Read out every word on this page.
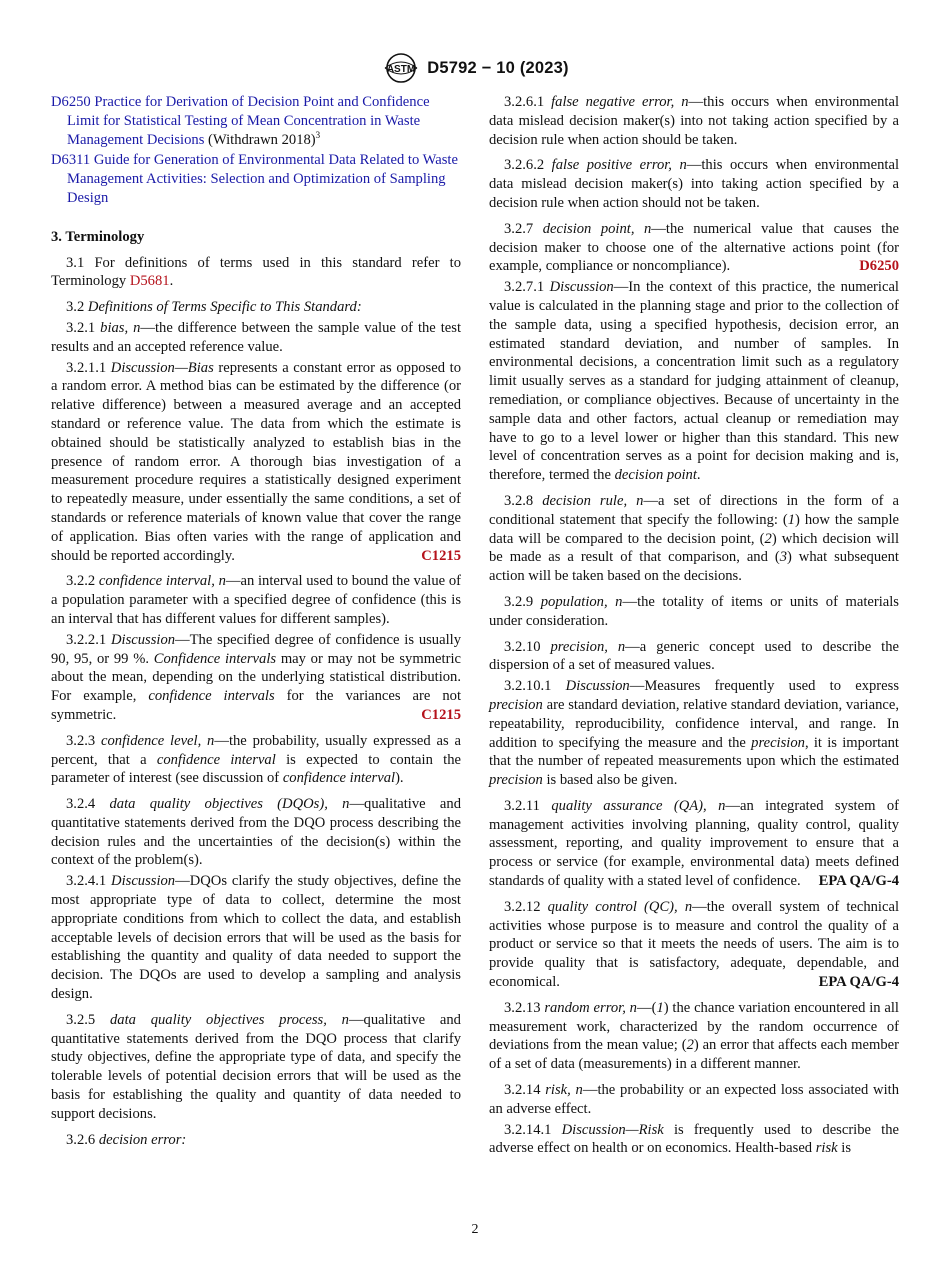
ASTM D5792 − 10 (2023)

D6250 Practice for Derivation of Decision Point and Confidence Limit for Statistical Testing of Mean Concentration in Waste Management Decisions (Withdrawn 2018)$^3$

D6311 Guide for Generation of Environmental Data Related to Waste Management Activities: Selection and Optimization of Sampling Design

3. Terminology

3.1 For definitions of terms used in this standard refer to Terminology D5681.

3.2 Definitions of Terms Specific to This Standard:

3.2.1 bias, n—the difference between the sample value of the test results and an accepted reference value.

3.2.1.1 Discussion—Bias represents a constant error as opposed to a random error. A method bias can be estimated by the difference (or relative difference) between a measured average and an accepted standard or reference value. The data from which the estimate is obtained should be statistically analyzed to establish bias in the presence of random error. A thorough bias investigation of a measurement procedure requires a statistically designed experiment to repeatedly measure, under essentially the same conditions, a set of standards or reference materials of known value that cover the range of application. Bias often varies with the range of application and should be reported accordingly.	C1215

3.2.2 confidence interval, n—an interval used to bound the value of a population parameter with a specified degree of confidence (this is an interval that has different values for different samples).

3.2.2.1 Discussion—The specified degree of confidence is usually 90, 95, or 99 %. Confidence intervals may or may not be symmetric about the mean, depending on the underlying statistical distribution. For example, confidence intervals for the variances are not symmetric.	C1215

3.2.3 confidence level, n—the probability, usually expressed as a percent, that a confidence interval is expected to contain the parameter of interest (see discussion of confidence interval).

3.2.4 data quality objectives (DQOs), n—qualitative and quantitative statements derived from the DQO process describing the decision rules and the uncertainties of the decision(s) within the context of the problem(s).

3.2.4.1 Discussion—DQOs clarify the study objectives, define the most appropriate type of data to collect, determine the most appropriate conditions from which to collect the data, and establish acceptable levels of decision errors that will be used as the basis for establishing the quantity and quality of data needed to support the decision. The DQOs are used to develop a sampling and analysis design.

3.2.5 data quality objectives process, n—qualitative and quantitative statements derived from the DQO process that clarify study objectives, define the appropriate type of data, and specify the tolerable levels of potential decision errors that will be used as the basis for establishing the quality and quantity of data needed to support decisions.

3.2.6 decision error:

3.2.6.1 false negative error, n—this occurs when environmental data mislead decision maker(s) into not taking action specified by a decision rule when action should be taken.

3.2.6.2 false positive error, n—this occurs when environmental data mislead decision maker(s) into taking action specified by a decision rule when action should not be taken.

3.2.7 decision point, n—the numerical value that causes the decision maker to choose one of the alternative actions point (for example, compliance or noncompliance).	D6250

3.2.7.1 Discussion—In the context of this practice, the numerical value is calculated in the planning stage and prior to the collection of the sample data, using a specified hypothesis, decision error, an estimated standard deviation, and number of samples. In environmental decisions, a concentration limit such as a regulatory limit usually serves as a standard for judging attainment of cleanup, remediation, or compliance objectives. Because of uncertainty in the sample data and other factors, actual cleanup or remediation may have to go to a level lower or higher than this standard. This new level of concentration serves as a point for decision making and is, therefore, termed the decision point.

3.2.8 decision rule, n—a set of directions in the form of a conditional statement that specify the following: (1) how the sample data will be compared to the decision point, (2) which decision will be made as a result of that comparison, and (3) what subsequent action will be taken based on the decisions.

3.2.9 population, n—the totality of items or units of materials under consideration.

3.2.10 precision, n—a generic concept used to describe the dispersion of a set of measured values.

3.2.10.1 Discussion—Measures frequently used to express precision are standard deviation, relative standard deviation, variance, repeatability, reproducibility, confidence interval, and range. In addition to specifying the measure and the precision, it is important that the number of repeated measurements upon which the estimated precision is based also be given.

3.2.11 quality assurance (QA), n—an integrated system of management activities involving planning, quality control, quality assessment, reporting, and quality improvement to ensure that a process or service (for example, environmental data) meets defined standards of quality with a stated level of confidence.	EPA QA/G-4

3.2.12 quality control (QC), n—the overall system of technical activities whose purpose is to measure and control the quality of a product or service so that it meets the needs of users. The aim is to provide quality that is satisfactory, adequate, dependable, and economical.	EPA QA/G-4

3.2.13 random error, n—(1) the chance variation encountered in all measurement work, characterized by the random occurrence of deviations from the mean value; (2) an error that affects each member of a set of data (measurements) in a different manner.

3.2.14 risk, n—the probability or an expected loss associated with an adverse effect.

3.2.14.1 Discussion—Risk is frequently used to describe the adverse effect on health or on economics. Health-based risk is

2
